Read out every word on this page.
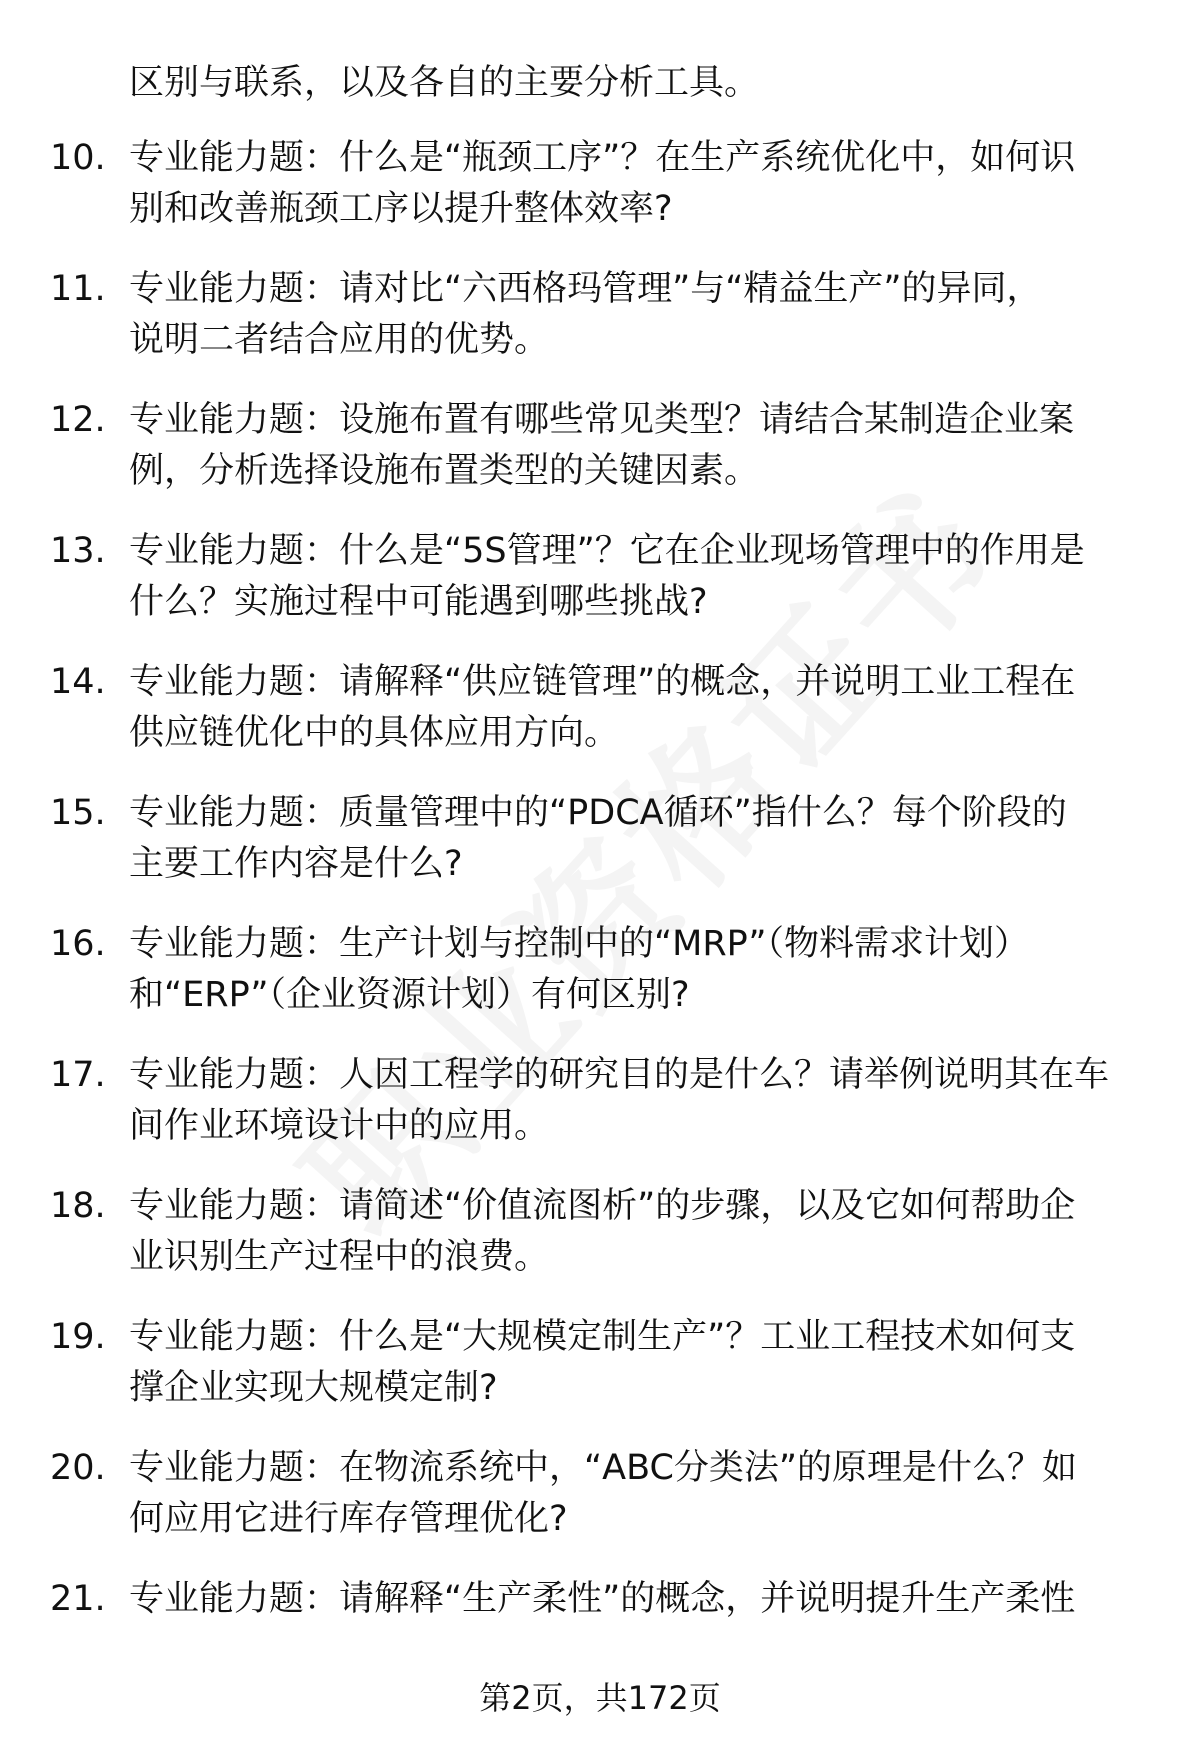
区别与联系，以及各自的主要分析工具。
10. 专业能力题：什么是“瓶颈工序”？在生产系统优化中，如何识
别和改善瓶颈工序以提升整体效率?
11. 专业能力题：请对比“六西格玛管理”与“精益生产”的异同，
说明二者结合应用的优势。
12. 专业能力题：设施布置有哪些常见类型？请结合某制造企业案
例，分析选择设施布置类型的关键因素。
13. 专业能力题：什么是“5S管理”？它在企业现场管理中的作用是
什么？实施过程中可能遇到哪些挑战?
14. 专业能力题：请解释“供应链管理”的概念，并说明工业工程在
供应链优化中的具体应用方向。
15. 专业能力题：质量管理中的“PDCA循环”指什么？每个阶段的
主要工作内容是什么?
16. 专业能力题：生产计划与控制中的“MRP”（物料需求计划）
和“ERP”（企业资源计划）有何区别?
17. 专业能力题：人因工程学的研究目的是什么？请举例说明其在车
间作业环境设计中的应用。
18. 专业能力题：请简述“价值流图析”的步骤，以及它如何帮助企
业识别生产过程中的浪费。
19. 专业能力题：什么是“大规模定制生产”？工业工程技术如何支
撑企业实现大规模定制?
20. 专业能力题：在物流系统中，“ABC分类法”的原理是什么？如
何应用它进行库存管理优化?
21. 专业能力题：请解释“生产柔性”的概念，并说明提升生产柔性
第2页，共172页
